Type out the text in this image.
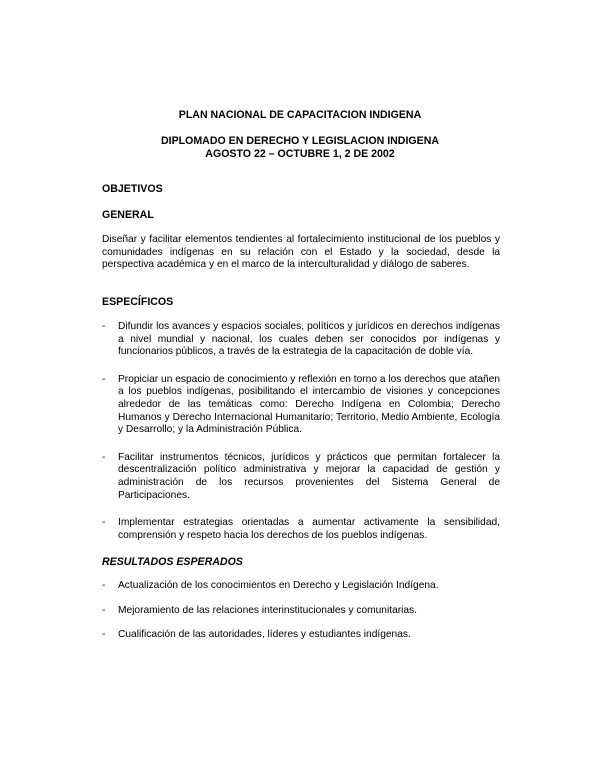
PLAN NACIONAL DE CAPACITACION INDIGENA
DIPLOMADO EN DERECHO Y LEGISLACION INDIGENA
AGOSTO 22 – OCTUBRE 1, 2 DE 2002
OBJETIVOS
GENERAL

Diseñar y facilitar elementos tendientes al fortalecimiento institucional de los pueblos y comunidades indígenas en su relación con el Estado y la sociedad, desde la perspectiva académica y en el marco de la interculturalidad y diálogo de saberes.

ESPECÍFICOS
- Difundir los avances y espacios sociales, políticos y jurídicos en derechos indígenas a nivel mundial y nacional, los cuales deben ser conocidos por indígenas y funcionarios públicos, a través de la estrategia de la capacitación de doble vía.
- Propiciar un espacio de conocimiento y reflexión en torno a los derechos que atañen a los pueblos indígenas, posibilitando el intercambio de visiones y concepciones alrededor de las temáticas como: Derecho Indígena en Colombia; Derecho Humanos y Derecho Internacional Humanitario; Territorio, Medio Ambiente, Ecología y Desarrollo; y la Administración Pública.
- Facilitar instrumentos técnicos, jurídicos y prácticos que permitan fortalecer la descentralización político administrativa y mejorar la capacidad de gestión y administración de los recursos provenientes del Sistema General de Participaciones.
- Implementar estrategias orientadas a aumentar activamente la sensibilidad, comprensión y respeto hacia los derechos de los pueblos indígenas.
RESULTADOS ESPERADOS
- Actualización de los conocimientos en Derecho y Legislación Indígena.
- Mejoramiento de las relaciones interinstitucionales y comunitarias.
- Cualificación de las autoridades, líderes y estudiantes indígenas.
